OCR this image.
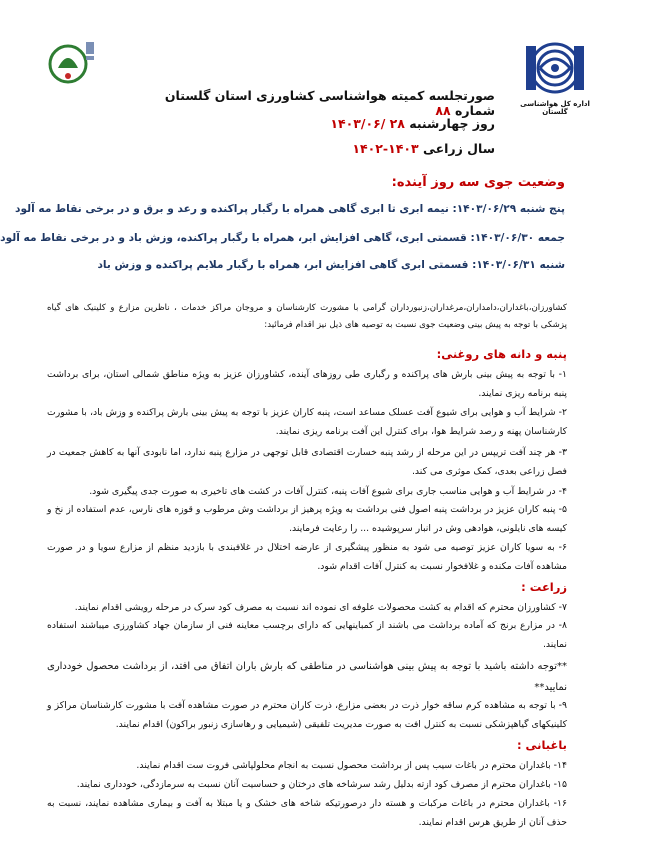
اداره کل هواشناسی گلستان
صورتجلسه کمیته هواشناسی کشاورزی استان گلستان شماره ۸۸
روز چهارشنبه ۲۸ /۱۴۰۳/۰۶
سال زراعی ۱۴۰۳-۱۴۰۲
وضعیت جوی سه روز آینده:
پنج شنبه ۱۴۰۳/۰۶/۲۹: نیمه ابری تا ابری گاهی همراه با رگبار پراکنده و رعد و برق و در برخی نقاط مه آلود
جمعه ۱۴۰۳/۰۶/۳۰: قسمتی ابری، گاهی افزایش ابر، همراه با رگبار پراکنده، وزش باد و در برخی نقاط مه آلود
شنبه ۱۴۰۳/۰۶/۳۱: قسمتی ابری گاهی افزایش ابر، همراه با رگبار ملایم پراکنده و وزش باد
کشاورزان،باغداران،دامداران،مرغداران،زنبورداران گرامی با مشورت کارشناسان و مروجان مراکز خدمات ، ناظرین مزارع و کلینیک های گیاه پزشکی با توجه به پیش بینی وضعیت جوی نسبت به توصیه های ذیل نیز اقدام فرمائید:
پنبه و دانه های روغنی:
۱- با توجه به پیش بینی بارش های پراکنده و رگباری طی روزهای آینده، کشاورزان عزیز به ویژه مناطق شمالی استان، برای برداشت پنبه برنامه ریزی نمایند.
۲- شرایط آب و هوایی برای شیوع آفت عسلک مساعد است، پنبه کاران عزیز با توجه به پیش بینی بارش پراکنده و وزش باد، با مشورت کارشناسان پهنه و رصد شرایط هوا، برای کنترل این آفت برنامه ریزی نمایند.
۳- هر چند آفت تریپس در این مرحله از رشد پنبه خسارت اقتصادی قابل توجهی در مزارع پنبه ندارد، اما نابودی آنها به کاهش جمعیت در فصل زراعی بعدی، کمک موثری می کند.
۴- در شرایط آب و هوایی مناسب جاری برای شیوع آفات پنبه، کنترل آفات در کشت های تاخیری به صورت جدی پیگیری شود.
۵- پنبه کاران عزیز در برداشت پنبه اصول فنی برداشت به ویژه پرهیز از برداشت وش مرطوب و قوزه های نارس، عدم استفاده از نخ و کیسه های نایلونی، هوادهی وش در انبار سرپوشیده ... را رعایت فرمایند.
۶- به سویا کاران عزیز توصیه می شود به منظور پیشگیری از عارضه اختلال در غلافبندی با بازدید منظم از مزارع سویا و در صورت مشاهده آفات مکنده و غلافخوار نسبت به کنترل آفات اقدام شود.
زراعت :
۷- کشاورزان محترم که اقدام به کشت محصولات علوفه ای نموده اند نسبت به مصرف کود سرک در مرحله رویشی اقدام نمایند.
۸- در مزارع برنج که آماده برداشت می باشند از کمباینهایی که دارای برچسب معاینه فنی از سازمان جهاد کشاورزی میباشند استفاده نمایند.
**توجه داشته باشید با توجه به پیش بینی هواشناسی در مناطقی که بارش باران اتفاق می افتد، از برداشت محصول خودداری نمایید**
۹- با توجه به مشاهده کرم ساقه خوار ذرت در بعضی مزارع، ذرت کاران محترم در صورت مشاهده آفت با مشورت کارشناسان مراکز و کلینیکهای گیاهپزشکی نسبت به کنترل افت به صورت مدیریت تلفیقی (شیمیایی و رهاسازی زنبور براکون) اقدام نمایند.
باغبانی :
۱۴- باغداران محترم در باغات سیب پس از برداشت محصول نسبت به انجام محلولپاشی فروت ست اقدام نمایند.
۱۵- باغداران محترم از مصرف کود ازته بدلیل رشد سرشاخه های درختان و حساسیت آنان نسبت به سرمازدگی، خودداری نمایند.
۱۶- باغداران محترم در باغات مرکبات و هسته دار درصورتیکه شاخه های خشک و یا مبتلا به آفت و بیماری مشاهده نمایند، نسبت به حذف آنان از طریق هرس اقدام نمایند.
